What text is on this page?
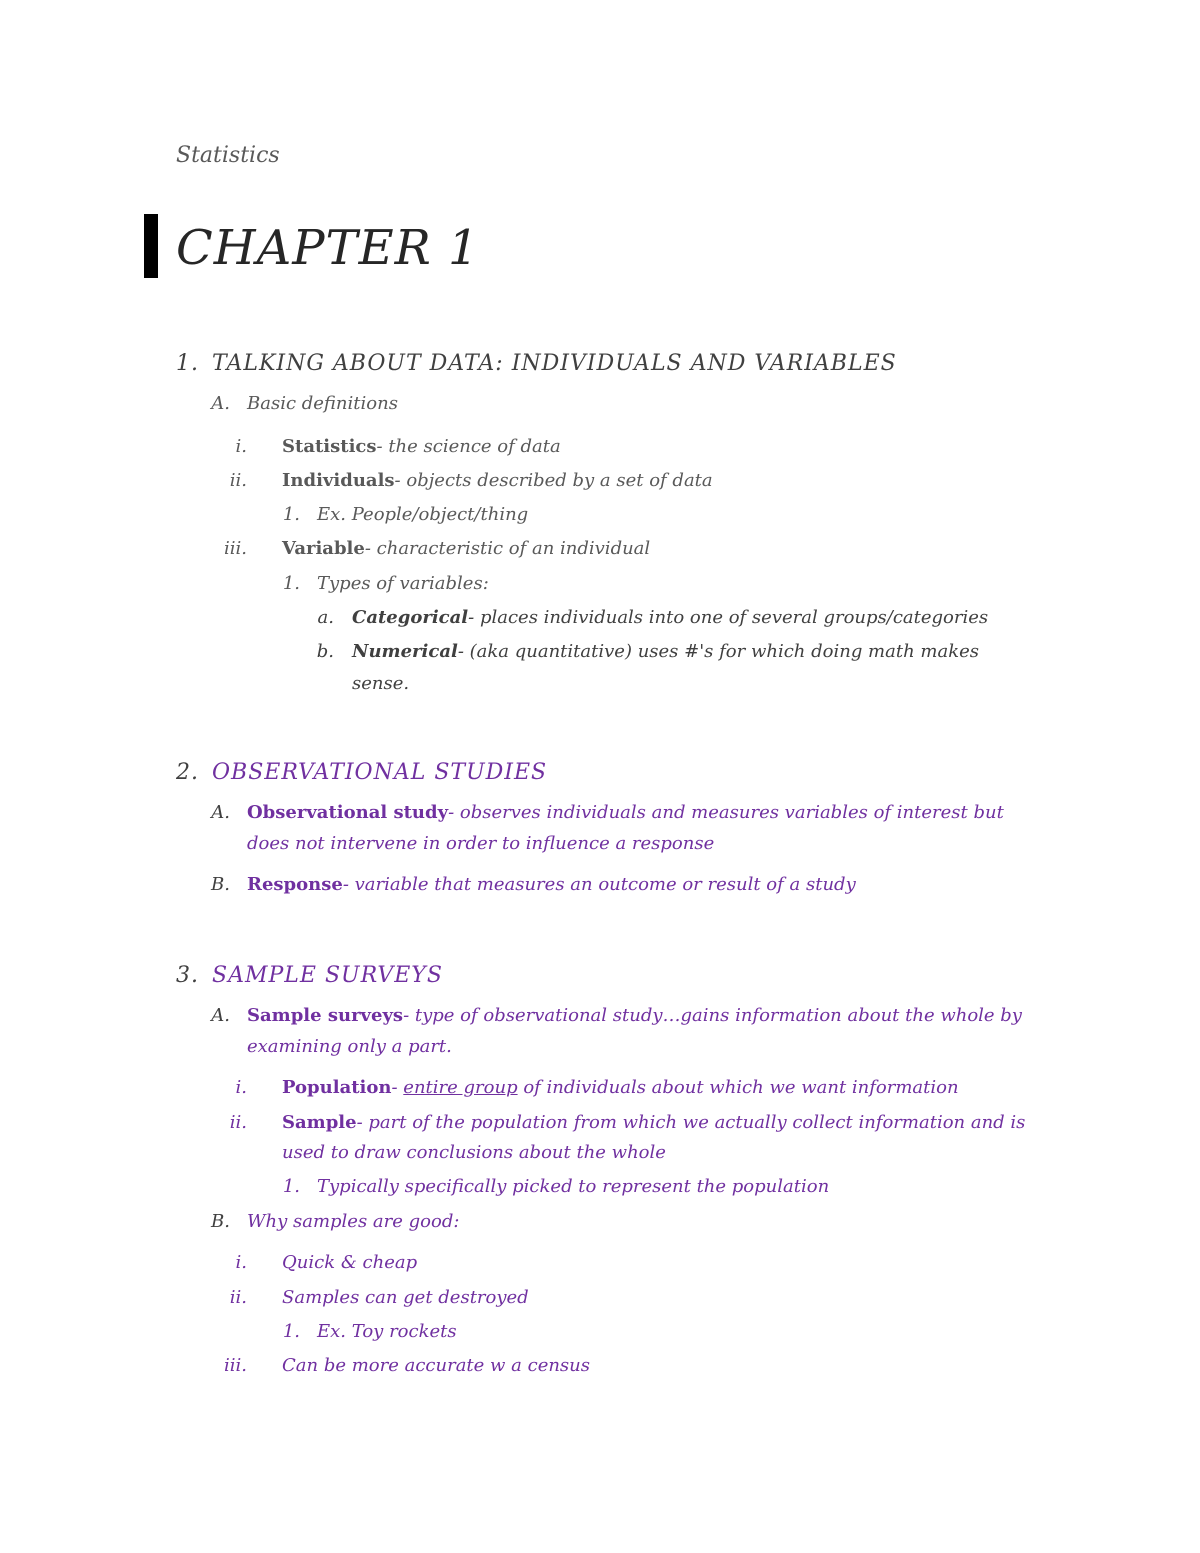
Statistics
CHAPTER 1
1. TALKING ABOUT DATA: INDIVIDUALS AND VARIABLES
A. Basic definitions
i. Statistics- the science of data
ii. Individuals- objects described by a set of data
1. Ex. People/object/thing
iii. Variable- characteristic of an individual
1. Types of variables:
a. Categorical- places individuals into one of several groups/categories
b. Numerical- (aka quantitative) uses #'s for which doing math makes
sense.
2. OBSERVATIONAL STUDIES
A. Observational study- observes individuals and measures variables of interest but
does not intervene in order to influence a response
B. Response- variable that measures an outcome or result of a study
3. SAMPLE SURVEYS
A. Sample surveys- type of observational study…gains information about the whole by
examining only a part.
i. Population- entire group of individuals about which we want information
ii. Sample- part of the population from which we actually collect information and is
used to draw conclusions about the whole
1. Typically specifically picked to represent the population
B. Why samples are good:
i. Quick & cheap
ii. Samples can get destroyed
1. Ex. Toy rockets
iii. Can be more accurate w a census
